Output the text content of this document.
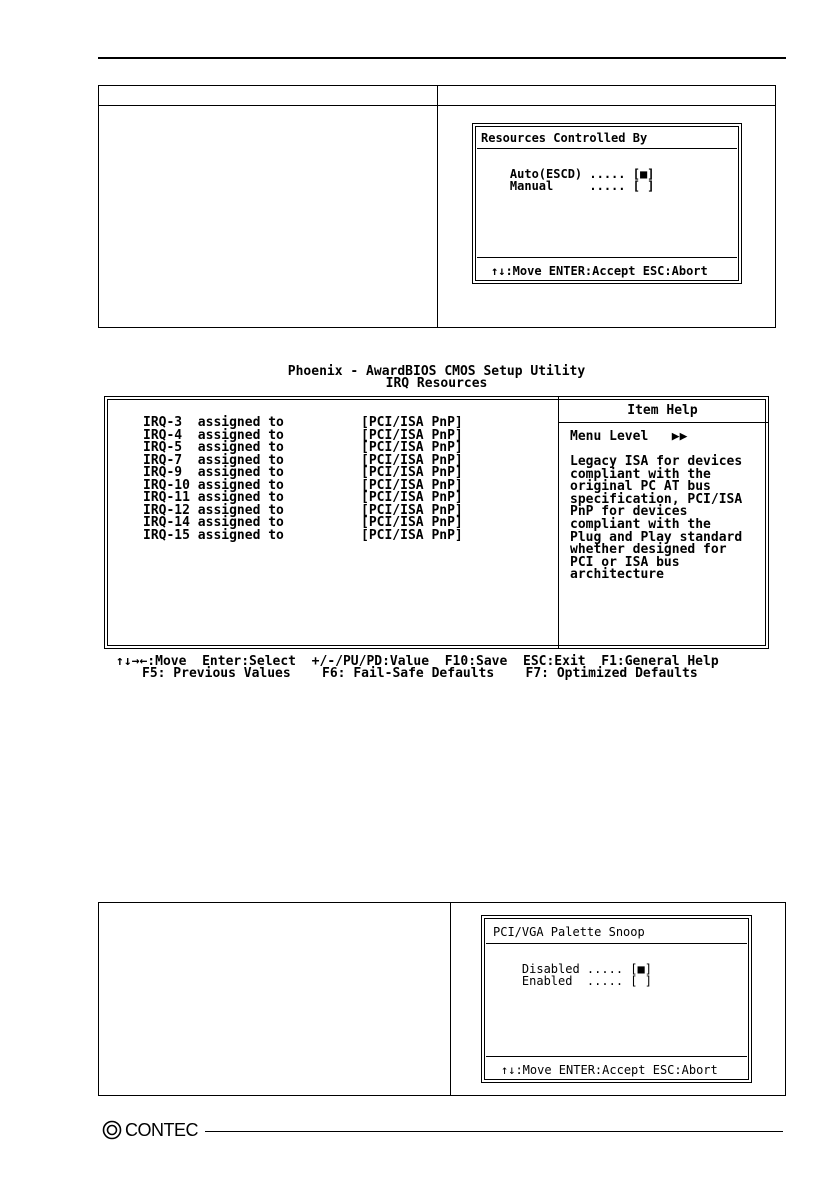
Resources Controlled By

Auto(ESCD) ..... [■]

Manual     ..... [ ]

↑↓:Move ENTER:Accept ESC:Abort
Phoenix - AwardBIOS CMOS Setup Utility
IRQ Resources

IRQ-3  assigned to	[PCI/ISA PnP]

IRQ-4  assigned to	[PCI/ISA PnP]

IRQ-5  assigned to	[PCI/ISA PnP]

IRQ-7  assigned to	[PCI/ISA PnP]

IRQ-9  assigned to	[PCI/ISA PnP]

IRQ-10 assigned to	[PCI/ISA PnP]

IRQ-11 assigned to	[PCI/ISA PnP]

IRQ-12 assigned to	[PCI/ISA PnP]

IRQ-14 assigned to	[PCI/ISA PnP]

IRQ-15 assigned to	[PCI/ISA PnP]

Item Help
Menu Level   ▶▶
Legacy ISA for devices
compliant with the
original PC AT bus
specification, PCI/ISA
PnP for devices
compliant with the
Plug and Play standard
whether designed for
PCI or ISA bus
architecture
↑↓→←:Move  Enter:Select  +/-/PU/PD:Value  F10:Save  ESC:Exit  F1:General Help
F5: Previous Values    F6: Fail-Safe Defaults    F7: Optimized Defaults
PCI/VGA Palette Snoop

Disabled ..... [■]

Enabled  ..... [ ]

↑↓:Move ENTER:Accept ESC:Abort
CONTEC
